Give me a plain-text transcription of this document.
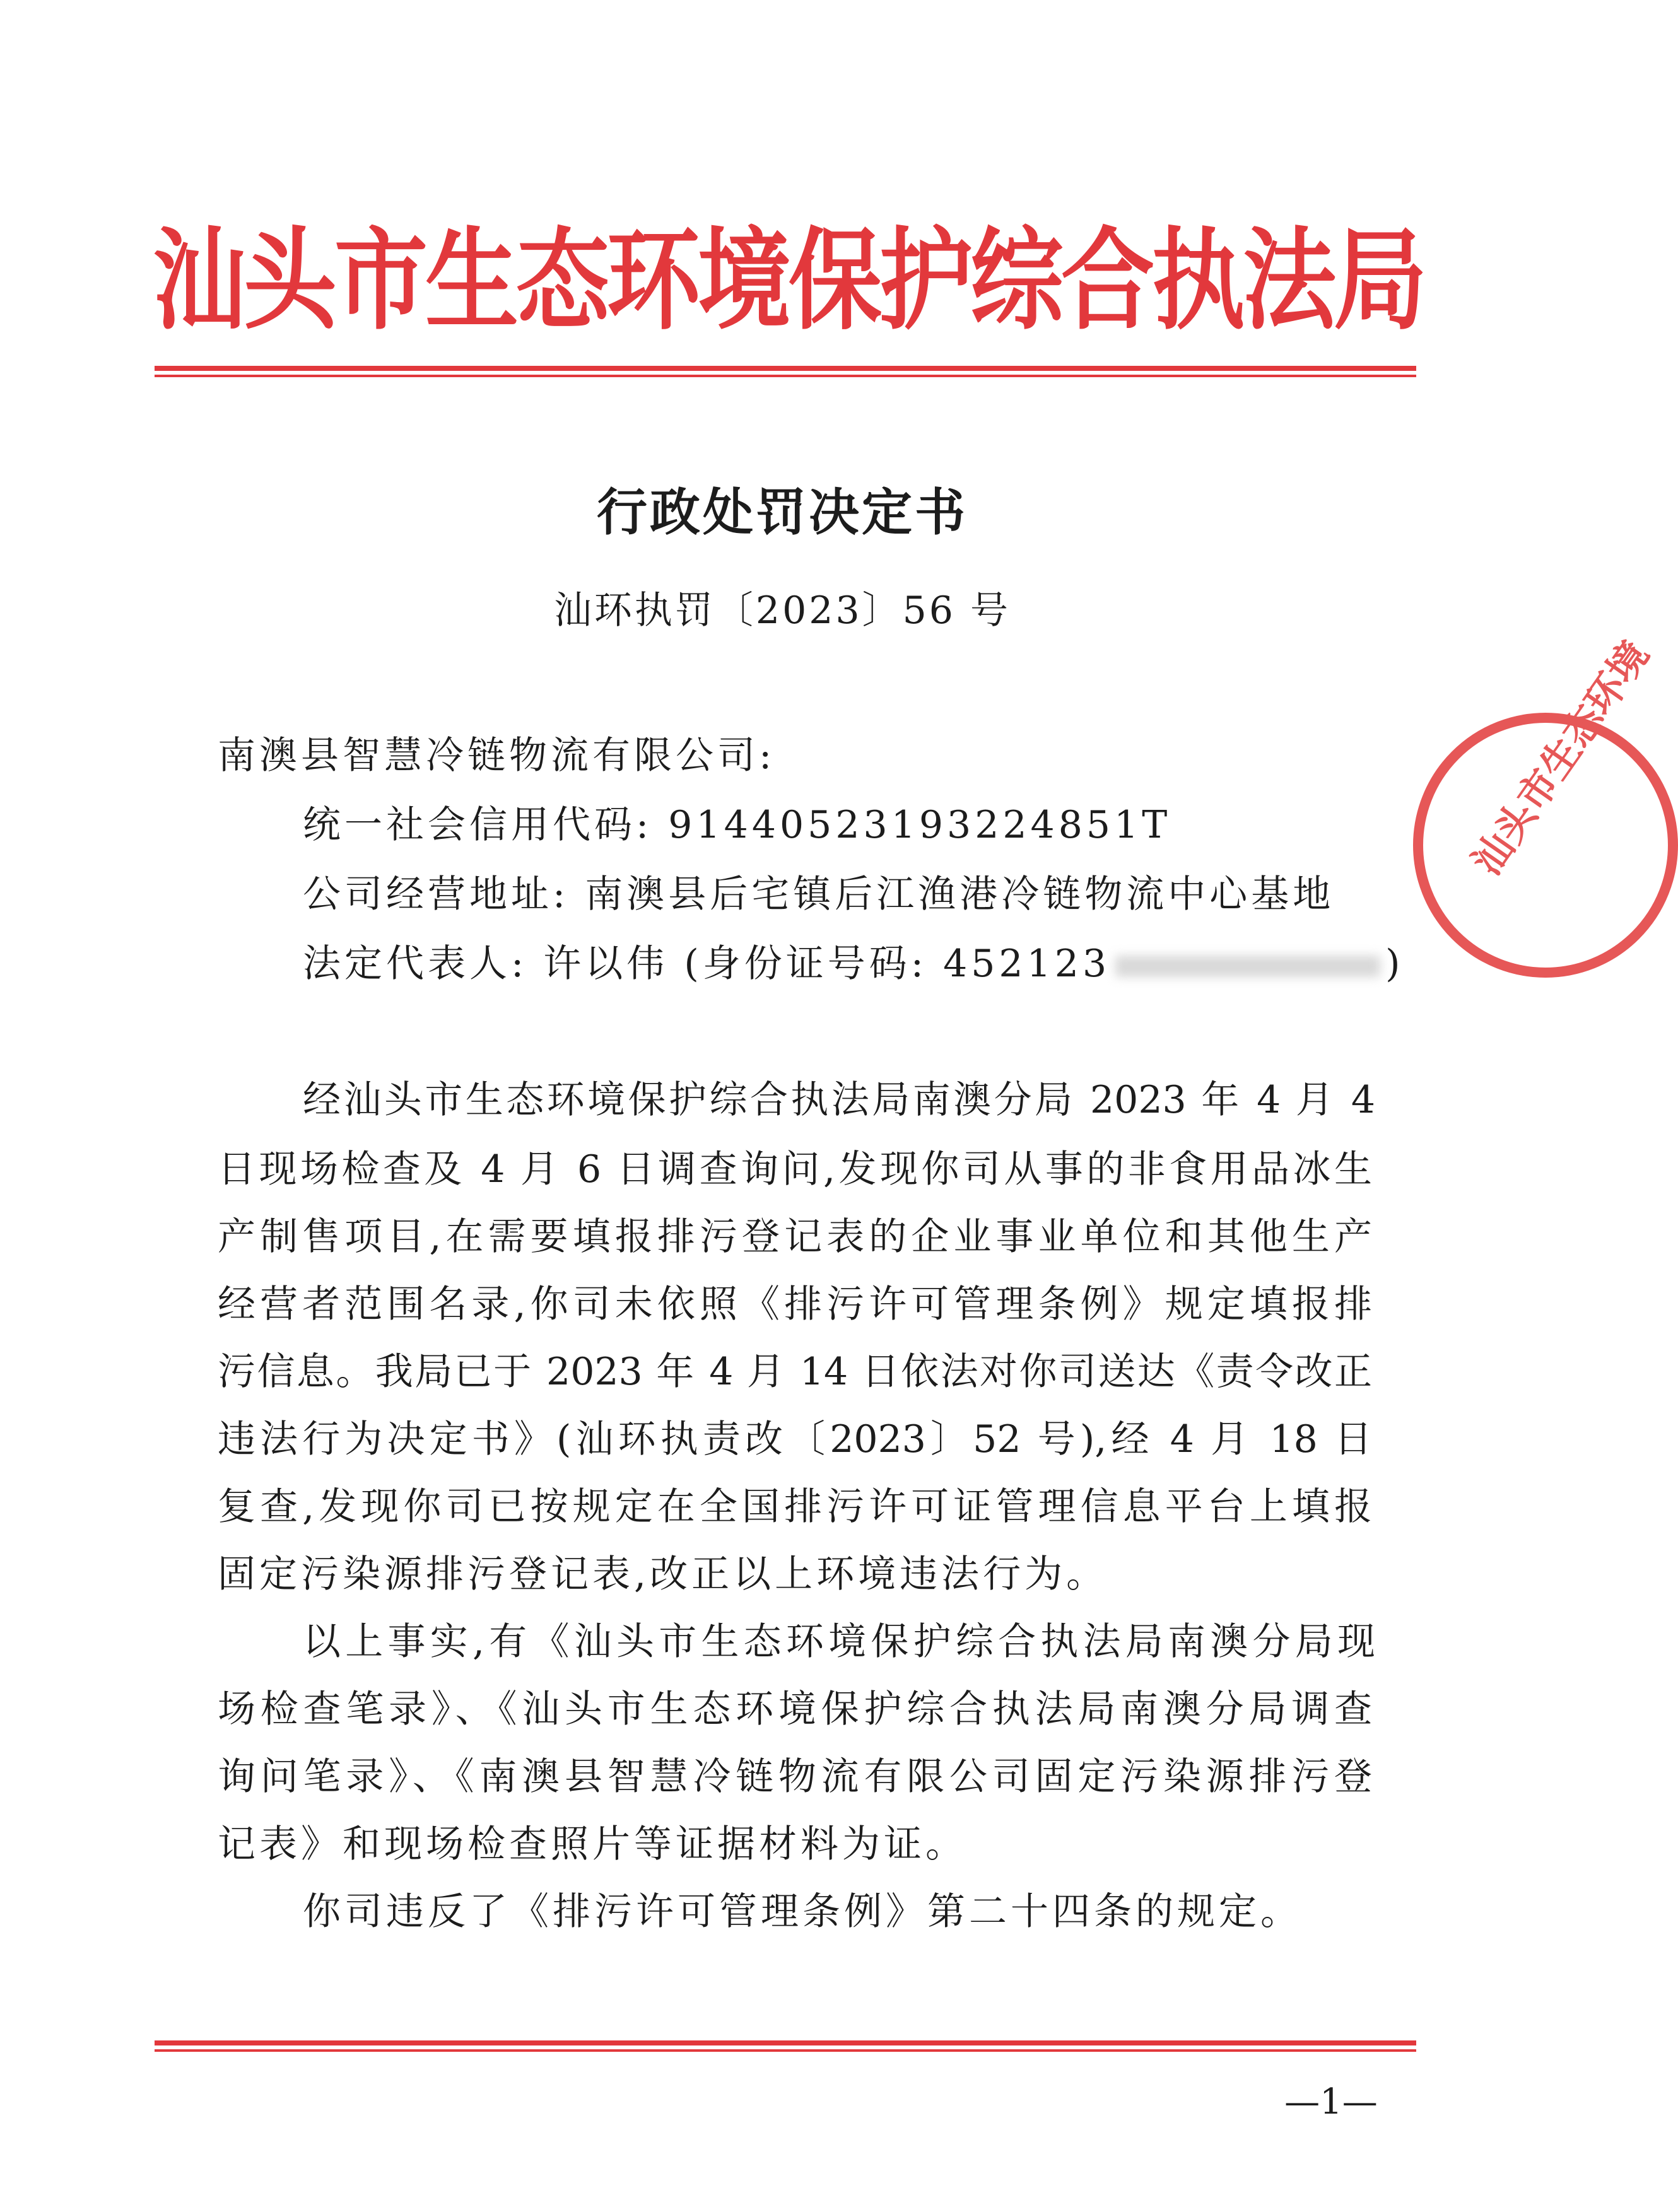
汕头市生态环境保护综合执法局
行政处罚决定书
汕环执罚〔2023〕56 号
南澳县智慧冷链物流有限公司:
统一社会信用代码: 91440523193224851T
公司经营地址: 南澳县后宅镇后江渔港冷链物流中心基地
法定代表人: 许以伟 (身份证号码: 452123	)
经汕头市生态环境保护综合执法局南澳分局 2023 年 4 月 4
日现场检查及 4 月 6 日调查询问,发现你司从事的非食用品冰生
产制售项目,在需要填报排污登记表的企业事业单位和其他生产
经营者范围名录,你司未依照《排污许可管理条例》规定填报排
污信息。我局已于 2023 年 4 月 14 日依法对你司送达《责令改正
违法行为决定书》(汕环执责改〔2023〕52 号),经 4 月 18 日
复查,发现你司已按规定在全国排污许可证管理信息平台上填报
固定污染源排污登记表,改正以上环境违法行为。
以上事实,有《汕头市生态环境保护综合执法局南澳分局现
场检查笔录》、《汕头市生态环境保护综合执法局南澳分局调查
询问笔录》、《南澳县智慧冷链物流有限公司固定污染源排污登
记表》和现场检查照片等证据材料为证。
你司违反了《排污许可管理条例》第二十四条的规定。
汕头市生态环境
—1—
